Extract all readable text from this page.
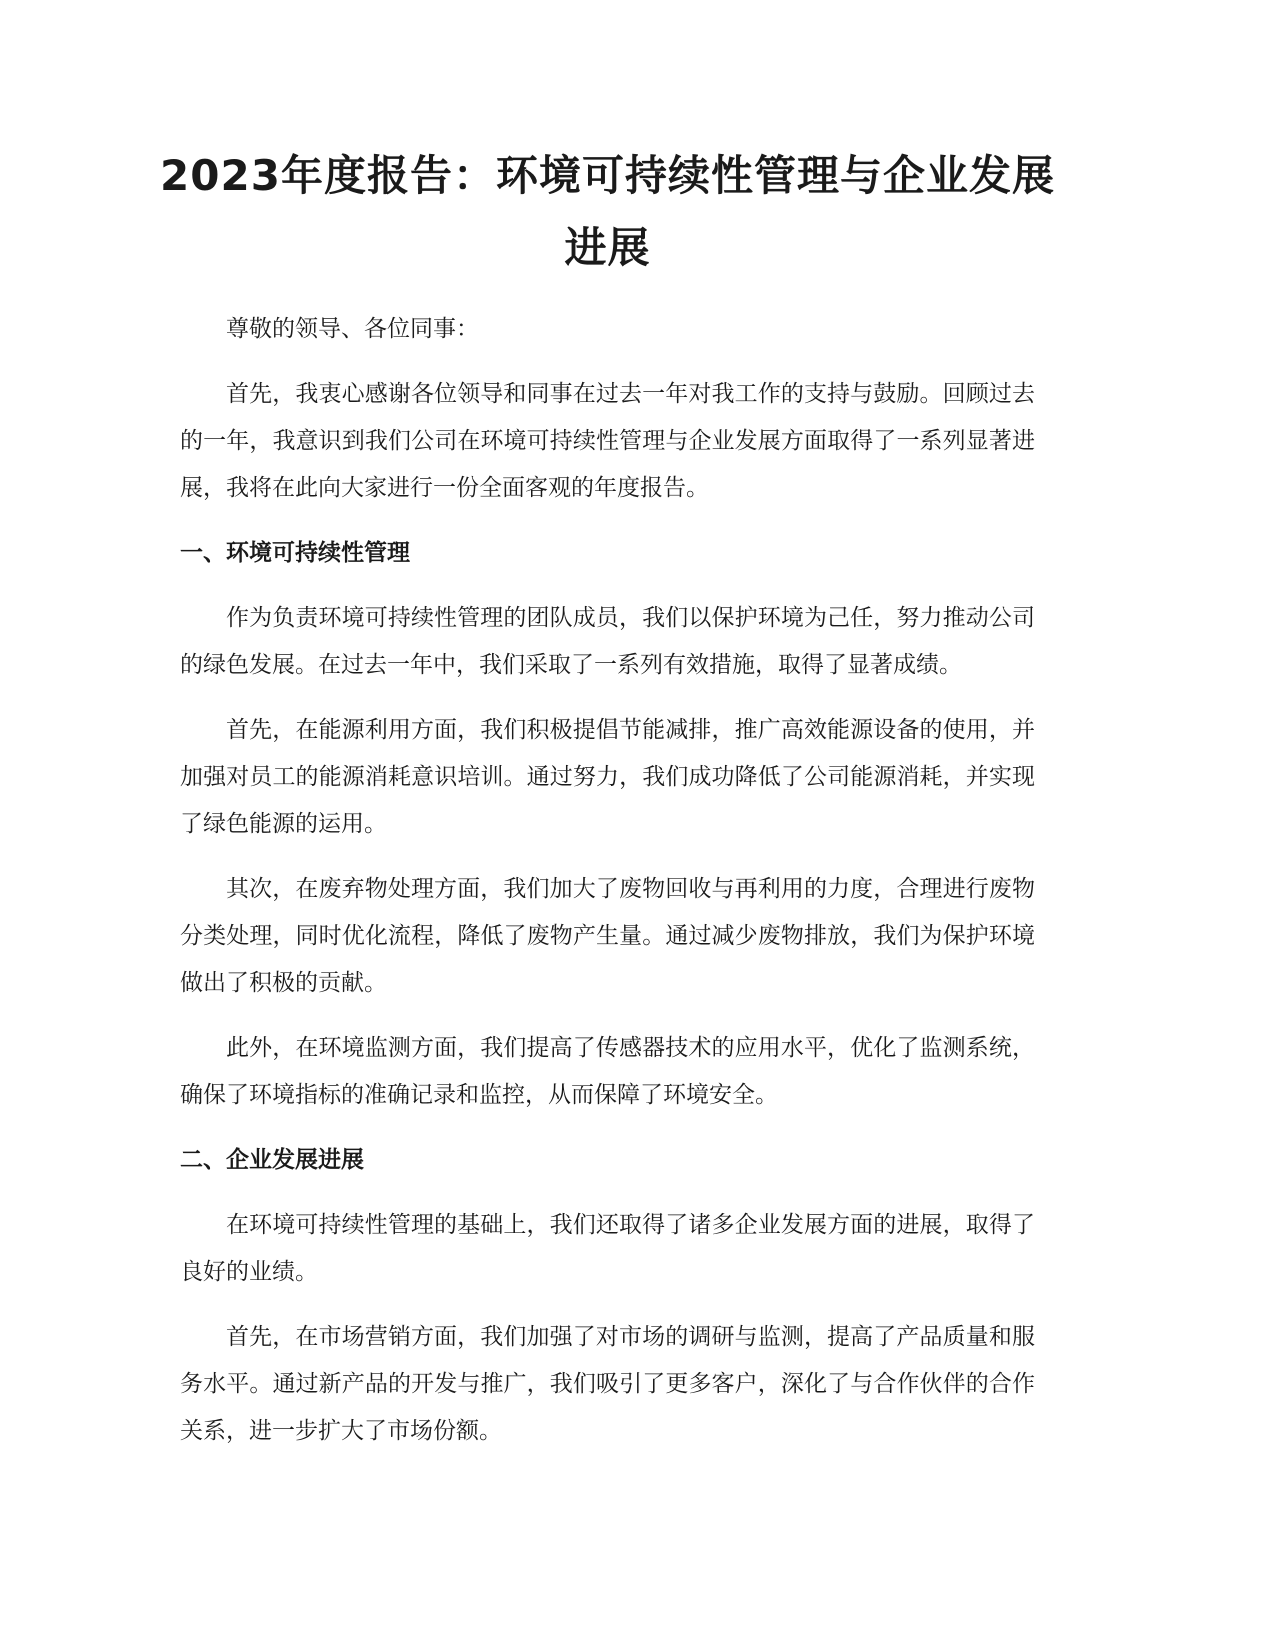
2023年度报告：环境可持续性管理与企业发展进展

尊敬的领导、各位同事：

首先，我衷心感谢各位领导和同事在过去一年对我工作的支持与鼓励。回顾过去的一年，我意识到我们公司在环境可持续性管理与企业发展方面取得了一系列显著进展，我将在此向大家进行一份全面客观的年度报告。

一、环境可持续性管理

作为负责环境可持续性管理的团队成员，我们以保护环境为己任，努力推动公司的绿色发展。在过去一年中，我们采取了一系列有效措施，取得了显著成绩。

首先，在能源利用方面，我们积极提倡节能减排，推广高效能源设备的使用，并加强对员工的能源消耗意识培训。通过努力，我们成功降低了公司能源消耗，并实现了绿色能源的运用。

其次，在废弃物处理方面，我们加大了废物回收与再利用的力度，合理进行废物分类处理，同时优化流程，降低了废物产生量。通过减少废物排放，我们为保护环境做出了积极的贡献。

此外，在环境监测方面，我们提高了传感器技术的应用水平，优化了监测系统，确保了环境指标的准确记录和监控，从而保障了环境安全。

二、企业发展进展

在环境可持续性管理的基础上，我们还取得了诸多企业发展方面的进展，取得了良好的业绩。

首先，在市场营销方面，我们加强了对市场的调研与监测，提高了产品质量和服务水平。通过新产品的开发与推广，我们吸引了更多客户，深化了与合作伙伴的合作关系，进一步扩大了市场份额。
